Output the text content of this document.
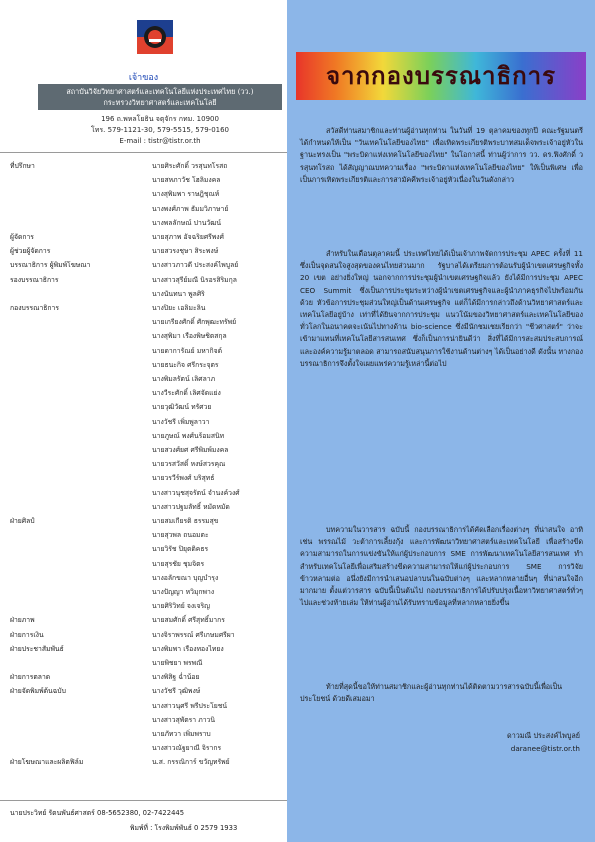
เจ้าของ
สถาบันวิจัยวิทยาศาสตร์และเทคโนโลยีแห่งประเทศไทย (วว.)
กระทรวงวิทยาศาสตร์และเทคโนโลยี
196 ถ.พหลโยธิน จตุจักร กทม. 10900
โทร. 579-1121-30, 579-5515, 579-0160
E-mail : tistr@tistr.or.th
ที่ปรึกษา	นายศิระศักดิ์ วรสุนทโรสถ
นายสหภาวัช โฮลิมงคล
นางสุพิมพา ราษฎิชุณห์
นางพงศ์ภาพ ธัมมวิภาษาย์
นางพลลักษณ์ ปานวัฒน์
ผู้จัดการ	นายสุภาพ อัจฉริยศรีพงศ์
ผู้ช่วยผู้จัดการ	นายสวรงชุษา สิระพงษ์
บรรณาธิการ ผู้พิมพ์โฆษณา	นางสาวภาวดี ประสงค์ไพบูลย์
รองบรรณาธิการ	นางสาวสุรีย์มณี นิรอรสิริมกุล
นางนันทนา พูลศิริ
กองบรรณาธิการ	นางปิยะ เอลิมะลิน
นายเกรียงศักดิ์ ศักพุฒะทรัพย์
นางสุพิมา เรืองพิษชิตสกุล
นายดาการัณย์ มหากิจต์
นายธนะกิจ ศรีกระจุตร
นางพิมลรัตน์ เลิศลาภ
นางวีระศักดิ์ เลิศจัดแย่ง
นายวุฒิวัฒน์ ทรัศวย
นางวัชรี เพิ่มพูลาวา
นายภูษณ์ พงศ์นร้อมสนิท
นายสวงศ์ยศ ศรีพิมพ์มงคล
นายวรสวัสดิ์ หงษ์สวรคุณ
นายวรวีร์พงศ์ บริสุทธ์
นางสาวนุชสุจรัตน์ จำนงค์วงศ์
นางสาวปฐมลัทธิ์ หมัดหมัด
ฝ่ายศิลป์	นายสมเกียรติ ธรรมสุข
นายสุวพล ถนอมตะ
นายวิรัช ปิยุตติคธร
นายสุรชัย ชุมจิตร
นางอลักขณา บุญบำรุง
นางปัญญา หวิมุกพาง
นายศิริวิทย์ จงเจริญ
ฝ่ายภาพ	นายสมศักดิ์ ศรีสุทธิ์มากร
ฝ่ายการเงิน	นางจิราพรรณ์ ศรีเกษมศรีผา
ฝ่ายประชาสัมพันธ์	นางพิมพา เรืองทองไทยง
นายพิชยา พรพณี
ฝ่ายการตลาด	นางพิสิฐ ฉ่ำน้อย
ฝ่ายจัดพิมพ์ต้นฉบับ	นางวัชรี วุฒิพงษ์
นางสาวนุศรี พรีประโยชน์
นางสาวสุพัตรา ภาวนิ
นายภัทวา เพิ่มพราบ
นางสาวณัฐยาณี จิรากร
ฝ่ายโฆษณาและผลิตฟิล์ม	น.ส. กรรณิการ์ ขวัญทรัพย์
นายประวิทย์ รัตนพันธ์ศาสตร์ 08-5652380, 02-7422445
พิมพ์ที่ : โรงพิมพ์พันธ์ 0 2579 1933
จากกองบรรณาธิการ

สวัสดีท่านสมาชิกและท่านผู้อ่านทุกท่าน ในวันที่ 19 ตุลาคมของทุกปี คณะรัฐมนตรีได้กำหนดให้เป็น "วันเทคโนโลยีของไทย" เพื่อเทิดพระเกียรติพระบาทสมเด็จพระเจ้าอยู่หัวในฐานะทรงเป็น "พระบิดาแห่งเทคโนโลยีของไทย" ในโอกาสนี้ ท่านผู้ว่าการ วว. ดร.ฟิงศักดิ์ วรสุนทโรสถ ได้สัญญาณบทความเรื่อง "พระบิดาแห่งเทคโนโลยีของไทย" ให้เป็นพิเศษ เพื่อเป็นการเทิดพระเกียรติและการสามัคคีพระเจ้าอยู่หัวเนื่องในวันดังกล่าว

สำหรับในเดือนตุลาคมนี้ ประเทศไทยได้เป็นเจ้าภาพจัดการประชุม APEC ครั้งที่ 11 ซึ่งเป็นจุดสนใจสูงสุดของคนไทยส่วนมาก รัฐบาลได้เตรียมการต้อนรับผู้นำเขตเศรษฐกิจทั้ง 20 เขต อย่างยิ่งใหญ่ นอกจากการประชุมผู้นำเขตเศรษฐกิจแล้ว ยังได้มีการประชุม APEC CEO Summit ซึ่งเป็นการประชุมระหว่างผู้นำเขตเศรษฐกิจและผู้นำภาคธุรกิจไปพร้อมกันด้วย หัวข้อการประชุมส่วนใหญ่เป็นด้านเศรษฐกิจ แต่ก็ได้มีการกล่าวถึงด้านวิทยาศาสตร์และเทคโนโลยีอยู่บ้าง เท่าที่ได้ยินจากการประชุม แนวโน้มของวิทยาศาสตร์และเทคโนโลยีของทั่วโลกในอนาคตจะเน้นไปทางด้าน bio-science ซึ่งมีนักชมเชยเรียกว่า "ชีวศาสตร์" ว่าจะเข้ามาแทนที่เทคโนโลยีสารสนเทศ ซึ่งก็เป็นการน่ายินดีว่า สิ่งที่ได้มีการสะสมประสบการณ์และองค์ความรู้มาตลอด สามารถสนับสนุนการใช้งานด้านต่างๆ ได้เป็นอย่างดี ดังนั้น ทางกองบรรณาธิการจึงตั้งใจเผยแพร่ความรู้เหล่านี้ต่อไป

บทความในวารสาร ฉบับนี้ กองบรรณาธิการได้คัดเลือกเรื่องต่างๆ ที่น่าสนใจ อาทิเช่น พรรณไม้ วะต้าการเลี้ยงกุ้ง และการพัฒนาวิทยาศาสตร์และเทคโนโลยี เพื่อสร้างขีดความสามารถในการแข่งขันให้แก่ผู้ประกอบการ SME การพัฒนาเทคโนโลยีสารสนเทศ ทำสำหรับเทคโนโลยีเพื่อเสริมสร้างขีดความสามารถให้แก่ผู้ประกอบการ SME การวิจัยข้าวหลามต่อ อนึ่งยังมีการนำเสนอปลาบนในฉบับต่างๆ และหลากหลายอื่นๆ ที่น่าสนใจอีกมากมาย ตั้งแต่วารสาร ฉบับนี้เป็นต้นไป กองบรรณาธิการได้ปรับปรุงเนื้อหาวิทยาศาสตร์ทั่วๆไปและช่วงท้ายเล่ม ให้ท่านผู้อ่านได้รับทราบข้อมูลที่หลากหลายยิ่งขึ้น

ท้ายที่สุดนี้ขอให้ท่านสมาชิกและผู้อ่านทุกท่านได้ติดตามวารสารฉบับนี้เพื่อเป็นประโยชน์ ด้วยดีเสมอมา

ดาวมณี ประสงค์ไพบูลย์
daranee@tistr.or.th
